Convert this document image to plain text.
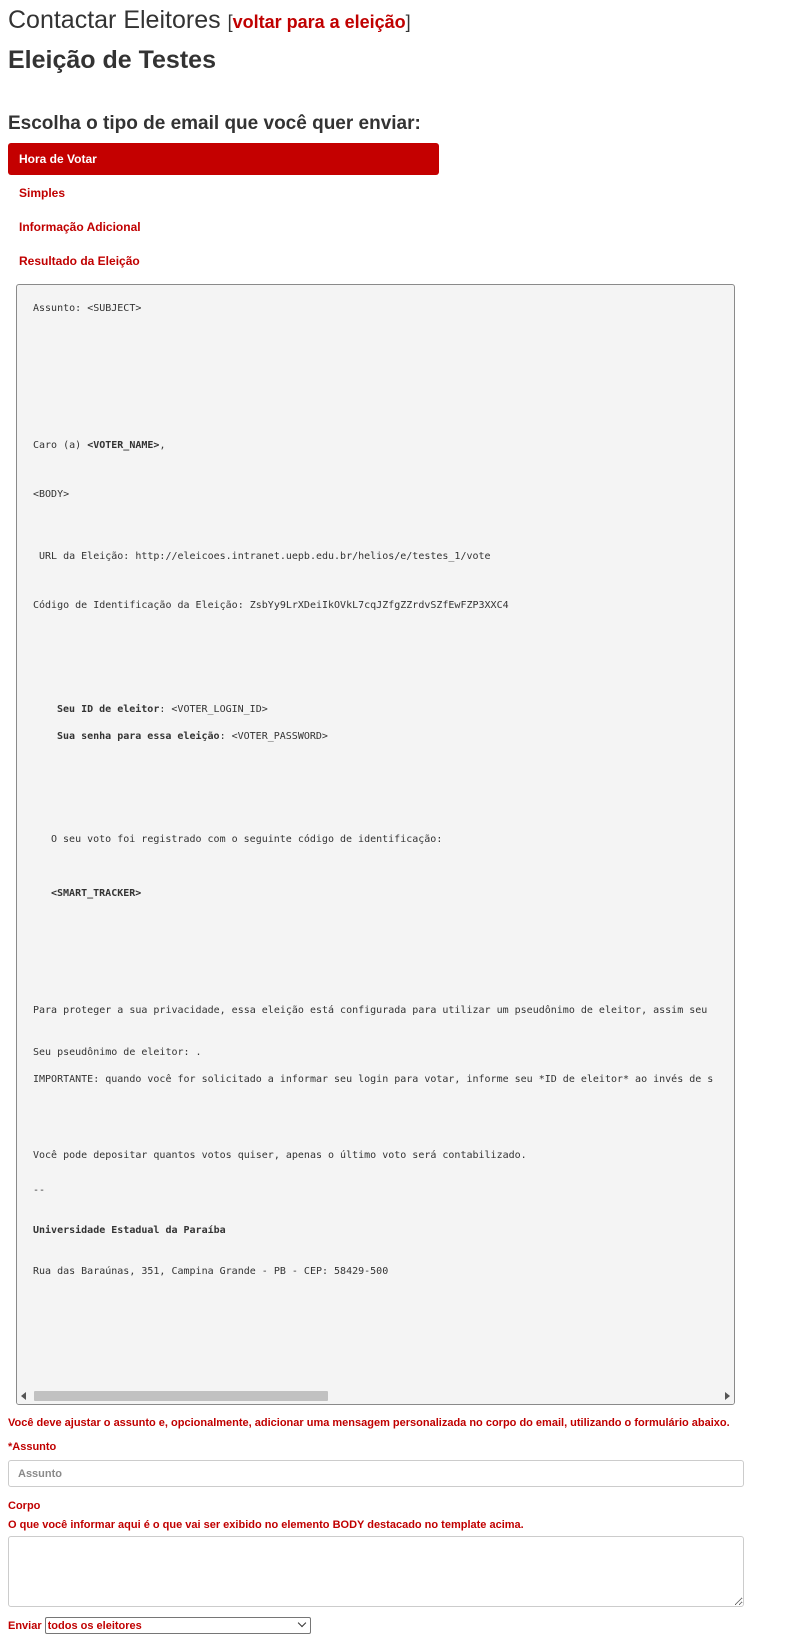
Contactar Eleitores [voltar para a eleição]
Eleição de Testes
Escolha o tipo de email que você quer enviar:
Hora de Votar
Simples
Informação Adicional
Resultado da Eleição
Assunto: <SUBJECT>
Caro (a) <VOTER_NAME>,
<BODY>
URL da Eleição: http://eleicoes.intranet.uepb.edu.br/helios/e/testes_1/vote
Código de Identificação da Eleição: ZsbYy9LrXDeiIkOVkL7cqJZfgZZrdvSZfEwFZP3XXC4
Seu ID de eleitor: <VOTER_LOGIN_ID>
Sua senha para essa eleição: <VOTER_PASSWORD>
O seu voto foi registrado com o seguinte código de identificação:
<SMART_TRACKER>
Para proteger a sua privacidade, essa eleição está configurada para utilizar um pseudônimo de eleitor, assim seu
Seu pseudônimo de eleitor: .
IMPORTANTE: quando você for solicitado a informar seu login para votar, informe seu *ID de eleitor* ao invés de s
Você pode depositar quantos votos quiser, apenas o último voto será contabilizado.
--
Universidade Estadual da Paraíba
Rua das Baraúnas, 351, Campina Grande - PB - CEP: 58429-500
Você deve ajustar o assunto e, opcionalmente, adicionar uma mensagem personalizada no corpo do email, utilizando o formulário abaixo.
*Assunto
Assunto
Corpo
O que você informar aqui é o que vai ser exibido no elemento BODY destacado no template acima.
Enviar
todos os eleitores
